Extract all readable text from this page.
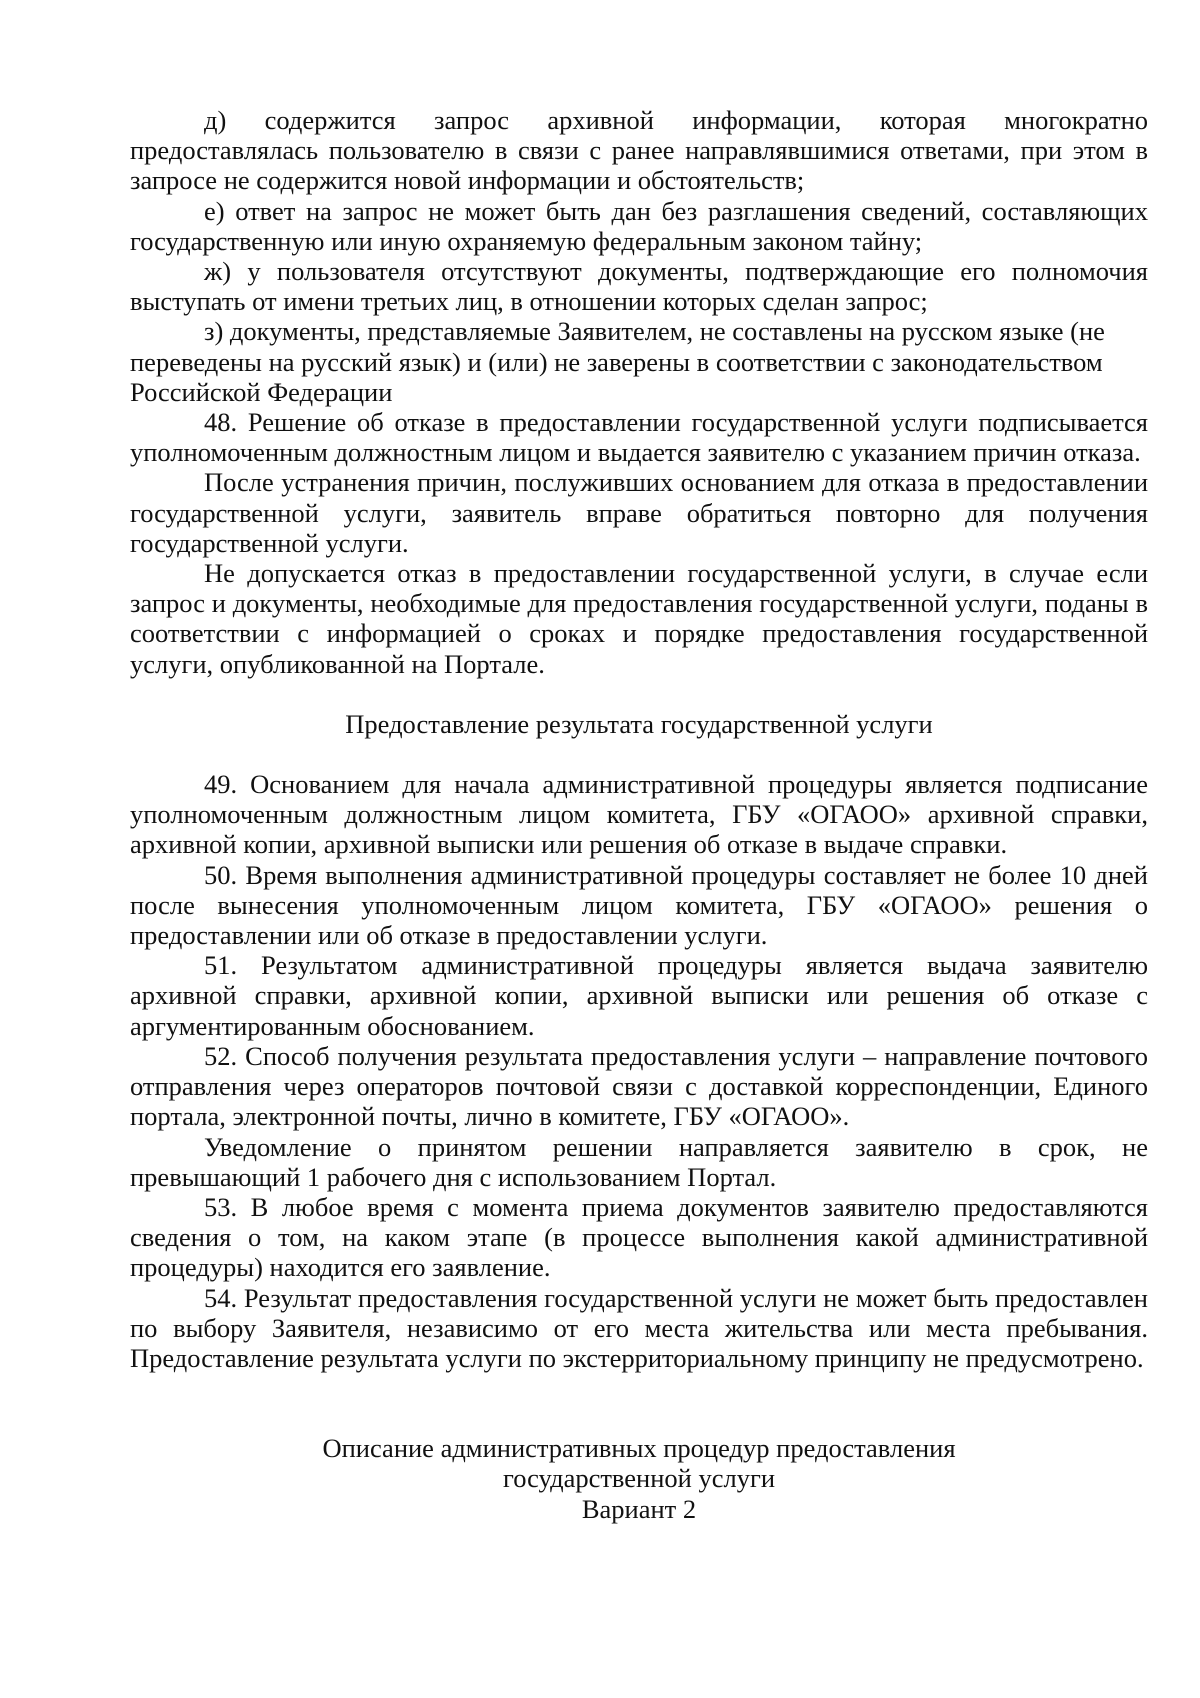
д) содержится запрос архивной информации, которая многократно предоставлялась пользователю в связи с ранее направлявшимися ответами, при этом в запросе не содержится новой информации и обстоятельств;

е) ответ на запрос не может быть дан без разглашения сведений, составляющих государственную или иную охраняемую федеральным законом тайну;

ж) у пользователя отсутствуют документы, подтверждающие его полномочия выступать от имени третьих лиц, в отношении которых сделан запрос;

з) документы, представляемые Заявителем, не составлены на русском языке (не переведены на русский язык) и (или) не заверены в соответствии с законодательством Российской Федерации

48. Решение об отказе в предоставлении государственной услуги подписывается уполномоченным должностным лицом и выдается заявителю с указанием причин отказа.

После устранения причин, послуживших основанием для отказа в предоставлении государственной услуги, заявитель вправе обратиться повторно для получения государственной услуги.

Не допускается отказ в предоставлении государственной услуги, в случае если запрос и документы, необходимые для предоставления государственной услуги, поданы в соответствии с информацией о сроках и порядке предоставления государственной услуги, опубликованной на Портале.

Предоставление результата государственной услуги

49. Основанием для начала административной процедуры является подписание уполномоченным должностным лицом комитета, ГБУ «ОГАОО» архивной справки, архивной копии, архивной выписки или решения об отказе в выдаче справки.

50. Время выполнения административной процедуры составляет не более 10 дней после вынесения уполномоченным лицом комитета, ГБУ «ОГАОО» решения о предоставлении или об отказе в предоставлении услуги.

51. Результатом административной процедуры является выдача заявителю архивной справки, архивной копии, архивной выписки или решения об отказе с аргументированным обоснованием.

52. Способ получения результата предоставления услуги – направление почтового отправления через операторов почтовой связи с доставкой корреспонденции, Единого портала, электронной почты, лично в комитете, ГБУ «ОГАОО».

Уведомление о принятом решении направляется заявителю в срок, не превышающий 1 рабочего дня с использованием Портал.

53. В любое время с момента приема документов заявителю предоставляются сведения о том, на каком этапе (в процессе выполнения какой административной процедуры) находится его заявление.

54. Результат предоставления государственной услуги не может быть предоставлен по выбору Заявителя, независимо от его места жительства или места пребывания. Предоставление результата услуги по экстерриториальному принципу не предусмотрено.

Описание административных процедур предоставления
государственной услуги
Вариант 2
